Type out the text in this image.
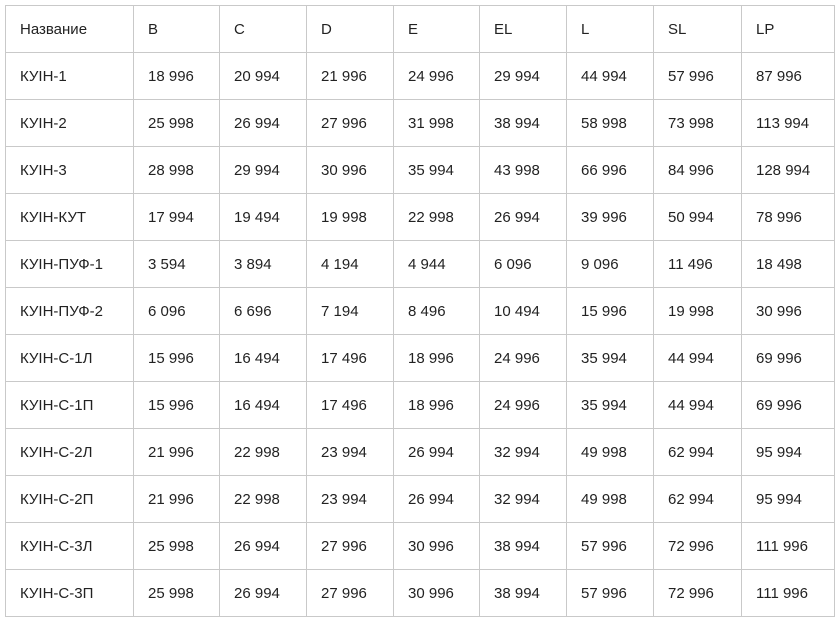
Название	B	C	D	E	EL	L	SL	LP
КУІН-1	18 996	20 994	21 996	24 996	29 994	44 994	57 996	87 996
КУІН-2	25 998	26 994	27 996	31 998	38 994	58 998	73 998	113 994
КУІН-3	28 998	29 994	30 996	35 994	43 998	66 996	84 996	128 994
КУІН-КУТ	17 994	19 494	19 998	22 998	26 994	39 996	50 994	78 996
КУІН-ПУФ-1	3 594	3 894	4 194	4 944	6 096	9 096	11 496	18 498
КУІН-ПУФ-2	6 096	6 696	7 194	8 496	10 494	15 996	19 998	30 996
КУІН-С-1Л	15 996	16 494	17 496	18 996	24 996	35 994	44 994	69 996
КУІН-С-1П	15 996	16 494	17 496	18 996	24 996	35 994	44 994	69 996
КУІН-С-2Л	21 996	22 998	23 994	26 994	32 994	49 998	62 994	95 994
КУІН-С-2П	21 996	22 998	23 994	26 994	32 994	49 998	62 994	95 994
КУІН-С-3Л	25 998	26 994	27 996	30 996	38 994	57 996	72 996	111 996
КУІН-С-3П	25 998	26 994	27 996	30 996	38 994	57 996	72 996	111 996
